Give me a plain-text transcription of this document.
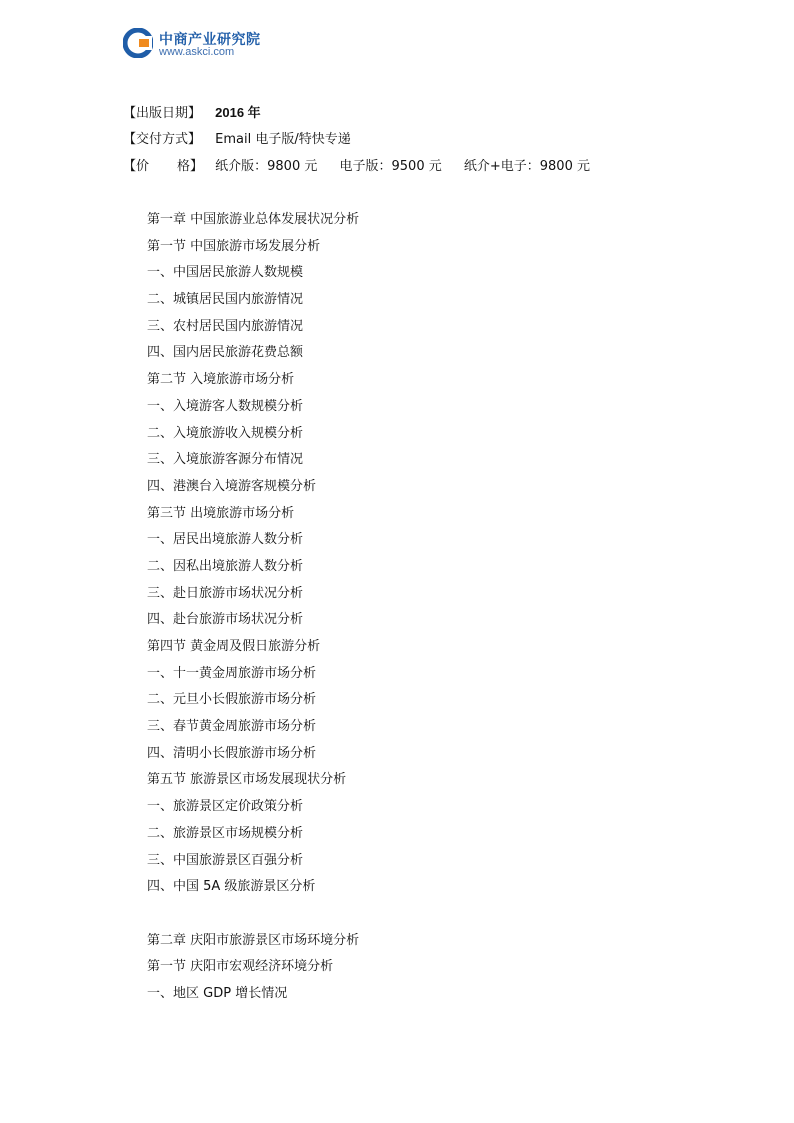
中商产业研究院
www.askci.com
【出版日期】 2016 年
【交付方式】 Email 电子版/特快专递
【价 格】 纸介版：9800 元 电子版：9500 元 纸介+电子：9800 元
第一章 中国旅游业总体发展状况分析
第一节 中国旅游市场发展分析
一、中国居民旅游人数规模
二、城镇居民国内旅游情况
三、农村居民国内旅游情况
四、国内居民旅游花费总额
第二节 入境旅游市场分析
一、入境游客人数规模分析
二、入境旅游收入规模分析
三、入境旅游客源分布情况
四、港澳台入境游客规模分析
第三节 出境旅游市场分析
一、居民出境旅游人数分析
二、因私出境旅游人数分析
三、赴日旅游市场状况分析
四、赴台旅游市场状况分析
第四节 黄金周及假日旅游分析
一、十一黄金周旅游市场分析
二、元旦小长假旅游市场分析
三、春节黄金周旅游市场分析
四、清明小长假旅游市场分析
第五节 旅游景区市场发展现状分析
一、旅游景区定价政策分析
二、旅游景区市场规模分析
三、中国旅游景区百强分析
四、中国 5A 级旅游景区分析
第二章 庆阳市旅游景区市场环境分析
第一节 庆阳市宏观经济环境分析
一、地区 GDP 增长情况
